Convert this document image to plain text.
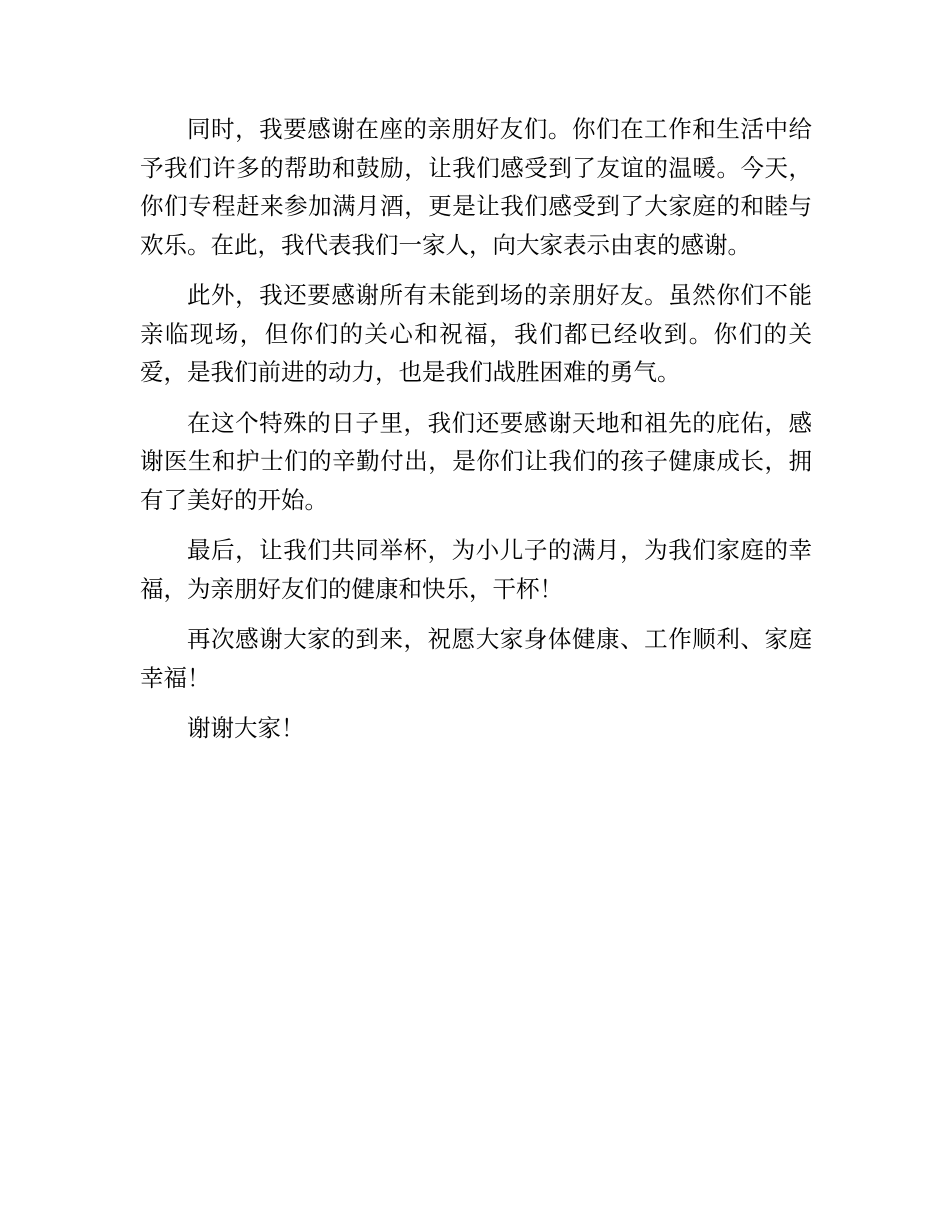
同时，我要感谢在座的亲朋好友们。你们在工作和生活中给予我们许多的帮助和鼓励，让我们感受到了友谊的温暖。今天，你们专程赶来参加满月酒，更是让我们感受到了大家庭的和睦与欢乐。在此，我代表我们一家人，向大家表示由衷的感谢。

此外，我还要感谢所有未能到场的亲朋好友。虽然你们不能亲临现场，但你们的关心和祝福，我们都已经收到。你们的关爱，是我们前进的动力，也是我们战胜困难的勇气。

在这个特殊的日子里，我们还要感谢天地和祖先的庇佑，感谢医生和护士们的辛勤付出，是你们让我们的孩子健康成长，拥有了美好的开始。

最后，让我们共同举杯，为小儿子的满月，为我们家庭的幸福，为亲朋好友们的健康和快乐，干杯！

再次感谢大家的到来，祝愿大家身体健康、工作顺利、家庭幸福！

谢谢大家！
